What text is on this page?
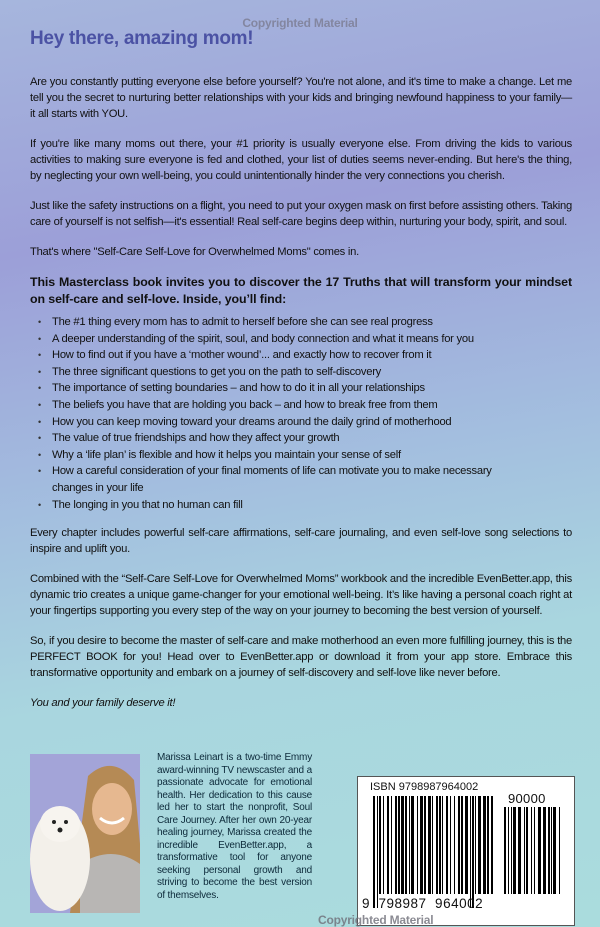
Copyrighted Material
Hey there, amazing mom!

Are you constantly putting everyone else before yourself? You're not alone, and it's time to make a change. Let me tell you the secret to nurturing better relationships with your kids and bringing newfound happiness to your family—it all starts with YOU.

If you're like many moms out there, your #1 priority is usually everyone else. From driving the kids to various activities to making sure everyone is fed and clothed, your list of duties seems never-ending. But here's the thing, by neglecting your own well-being, you could unintentionally hinder the very connections you cherish.

Just like the safety instructions on a flight, you need to put your oxygen mask on first before assisting others. Taking care of yourself is not selfish—it's essential! Real self-care begins deep within, nurturing your body, spirit, and soul.

That's where "Self-Care Self-Love for Overwhelmed Moms" comes in.

This Masterclass book invites you to discover the 17 Truths that will transform your mindset on self-care and self-love. Inside, you’ll find:

• The #1 thing every mom has to admit to herself before she can see real progress
• A deeper understanding of the spirit, soul, and body connection and what it means for you
• How to find out if you have a ‘mother wound’... and exactly how to recover from it
• The three significant questions to get you on the path to self-discovery
• The importance of setting boundaries – and how to do it in all your relationships
• The beliefs you have that are holding you back – and how to break free from them
• How you can keep moving toward your dreams around the daily grind of motherhood
• The value of true friendships and how they affect your growth
• Why a ‘life plan’ is flexible and how it helps you maintain your sense of self
• How a careful consideration of your final moments of life can motivate you to make necessary changes in your life
• The longing in you that no human can fill

Every chapter includes powerful self-care affirmations, self-care journaling, and even self-love song selections to inspire and uplift you.

Combined with the “Self-Care Self-Love for Overwhelmed Moms” workbook and the incredible EvenBetter.app, this dynamic trio creates a unique game-changer for your emotional well-being. It’s like having a personal coach right at your fingertips supporting you every step of the way on your journey to becoming the best version of yourself.

So, if you desire to become the master of self-care and make motherhood an even more fulfilling journey, this is the PERFECT BOOK for you! Head over to EvenBetter.app or download it from your app store. Embrace this transformative opportunity and embark on a journey of self-discovery and self-love like never before.

You and your family deserve it!

Marissa Leinart is a two-time Emmy award-winning TV newscaster and a passionate advocate for emotional health. Her dedication to this cause led her to start the nonprofit, Soul Care Journey. After her own 20-year healing journey, Marissa created the incredible EvenBetter.app, a transformative tool for anyone seeking personal growth and striving to become the best version of themselves.
ISBN 9798987964002
90000
9  798987  964002
Copyrighted Material
